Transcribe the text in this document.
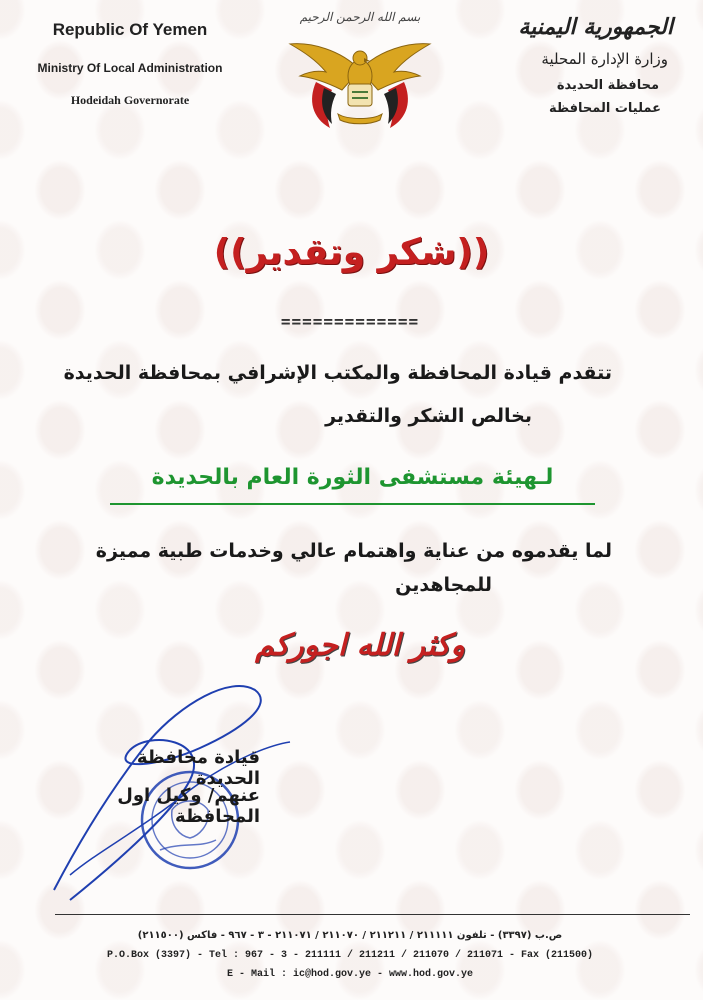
Republic Of Yemen
Ministry Of Local Administration
Hodeidah Governorate
بسم الله الرحمن الرحيم	الجمهورية اليمنية
وزارة الإدارة المحلية
محافظة الحديدة
عمليات المحافظة
((شكر وتقدير))
=============
تتقدم قيادة المحافظة والمكتب الإشرافي بمحافظة الحديدة
بخالص الشكر والتقدير
لـهيئة مستشفى الثورة العام بالحديدة
لما يقدموه من عناية واهتمام عالي وخدمات طبية مميزة
للمجاهدين
وكثر الله اجوركم
قيادة محافظة الحديدة
عنهم/ وكيل اول المحافظة
ص.ب (٣٣٩٧) - تلفون ٢١١١١١ / ٢١١٢١١ / ٢١١٠٧٠ / ٢١١٠٧١ - ٣ - ٩٦٧ - فاكس (٢١١٥٠٠)
P.O.Box (3397) - Tel : 967 - 3 - 211111 / 211211 / 211070 / 211071 - Fax (211500)
E - Mail : ic@hod.gov.ye - www.hod.gov.ye
